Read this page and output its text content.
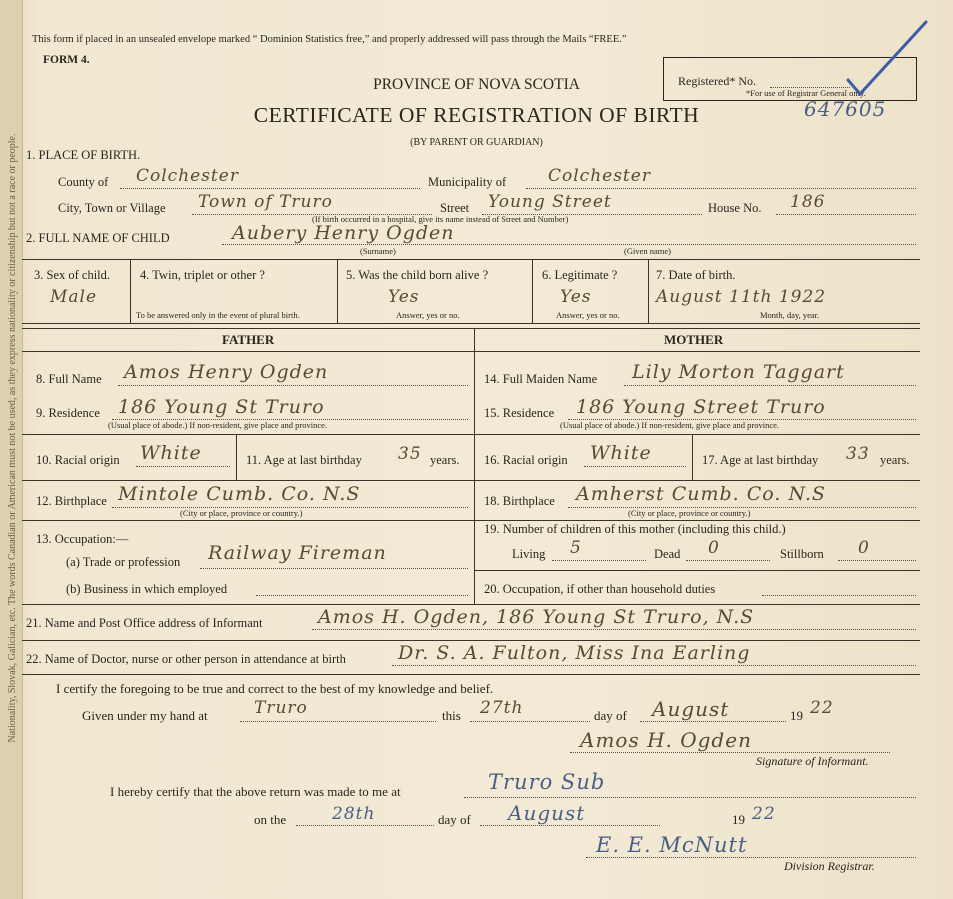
Nationality, Slovak, Galician, etc. The words Canadian or American must not be used, as they express nationality or citizenship but not a race or people.
This form if placed in an unsealed envelope marked “ Dominion Statistics free,” and properly addressed will pass through the Mails “FREE.”
FORM 4.
PROVINCE OF NOVA SCOTIA
CERTIFICATE OF REGISTRATION OF BIRTH
(BY PARENT OR GUARDIAN)
Registered* No.
*For use of Registrar General only.
647605
1. PLACE OF BIRTH.
County of Colchester	Municipality of Colchester
City, Town or Village Town of Truro	Street Young Street	House No. 186
(If birth occurred in a hospital, give its name instead of Street and Number)
2. FULL NAME OF CHILD	Aubery Henry Ogden
(Surname)	(Given name)
3. Sex of child.
Male
4. Twin, triplet or other ?
To be answered only in the event of plural birth.
5. Was the child born alive ?
Yes
Answer, yes or no.
6. Legitimate ?
Yes
Answer, yes or no.
7. Date of birth.
August 11th 1922
Month, day, year.
FATHER	MOTHER
8. Full Name Amos Henry Ogden
9. Residence 186 Young St Truro
(Usual place of abode.) If non-resident, give place and province.
10. Racial origin White	11. Age at last birthday 35 years.
12. Birthplace Mintole Cumb. Co. N.S
(City or place, province or country.)
13. Occupation:—
(a) Trade or profession Railway Fireman
(b) Business in which employed
14. Full Maiden Name Lily Morton Taggart
15. Residence 186 Young Street Truro
(Usual place of abode.) If non-resident, give place and province.
16. Racial origin White	17. Age at last birthday 33 years.
18. Birthplace Amherst Cumb. Co. N.S
(City or place, province or country.)
19. Number of children of this mother (including this child.)
Living 5	Dead 0	Stillborn 0
20. Occupation, if other than household duties
21. Name and Post Office address of Informant	Amos H. Ogden, 186 Young St Truro, N.S
22. Name of Doctor, nurse or other person in attendance at birth	Dr. S. A. Fulton, Miss Ina Earling
I certify the foregoing to be true and correct to the best of my knowledge and belief.
Given under my hand at	Truro	this 27th	day of August	19 22
Amos H. Ogden
Signature of Informant.
I hereby certify that the above return was made to me at	Truro Sub
on the	28th	day of August	19 22
E. E. McNutt
Division Registrar.
